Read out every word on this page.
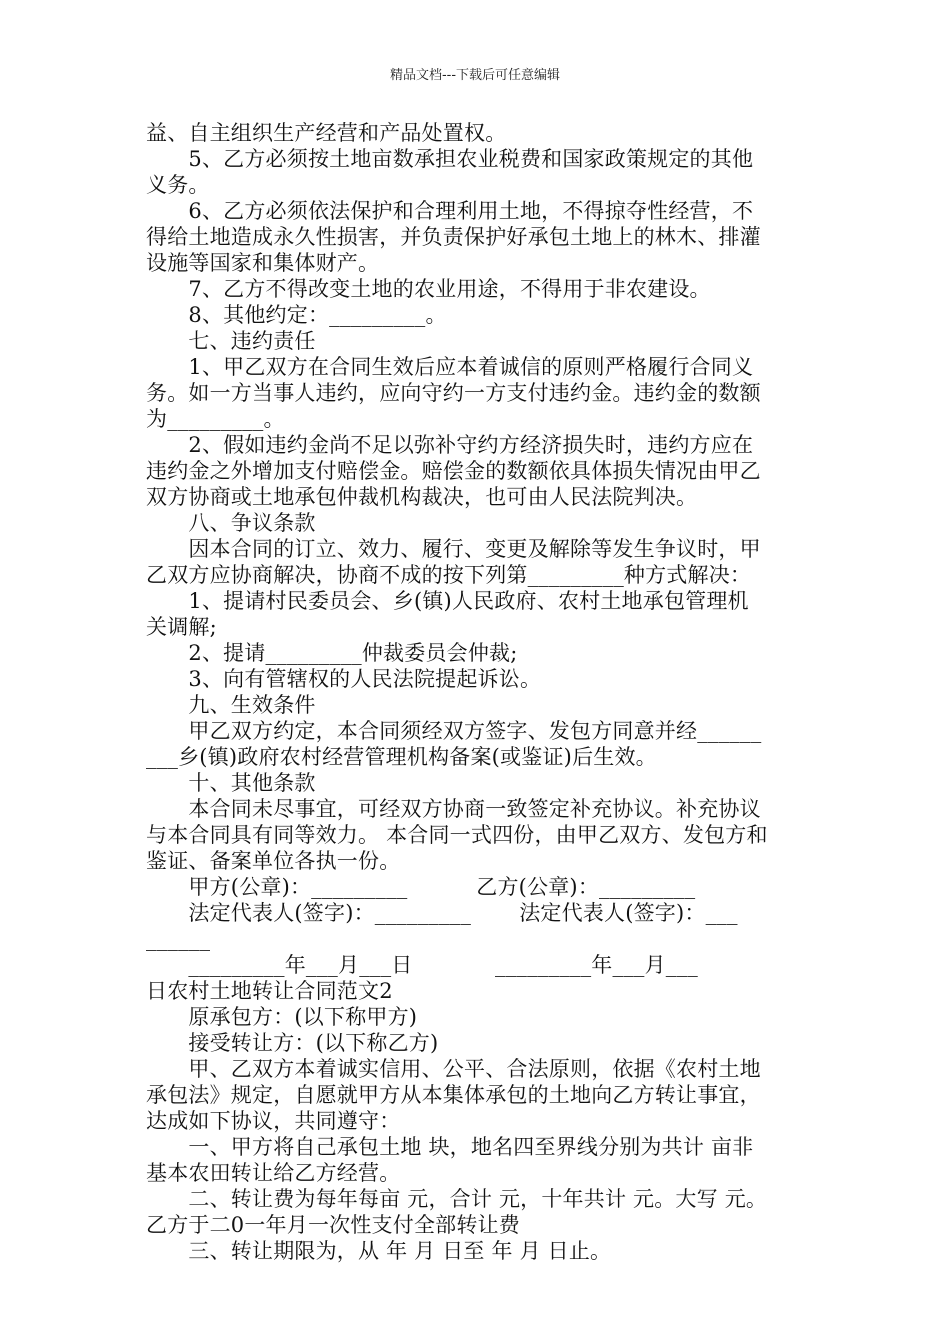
精品文档---下载后可任意编辑
益、自主组织生产经营和产品处置权。
　　5、乙方必须按土地亩数承担农业税费和国家政策规定的其他
义务。
　　6、乙方必须依法保护和合理利用土地，不得掠夺性经营，不
得给土地造成永久性损害，并负责保护好承包土地上的林木、排灌
设施等国家和集体财产。
　　7、乙方不得改变土地的农业用途，不得用于非农建设。
　　8、其他约定：_________。
　　七、违约责任
　　1、甲乙双方在合同生效后应本着诚信的原则严格履行合同义
务。如一方当事人违约，应向守约一方支付违约金。违约金的数额
为_________。
　　2、假如违约金尚不足以弥补守约方经济损失时，违约方应在
违约金之外增加支付赔偿金。赔偿金的数额依具体损失情况由甲乙
双方协商或土地承包仲裁机构裁决，也可由人民法院判决。
　　八、争议条款
　　因本合同的订立、效力、履行、变更及解除等发生争议时，甲
乙双方应协商解决，协商不成的按下列第_________种方式解决：
　　1、提请村民委员会、乡(镇)人民政府、农村土地承包管理机
关调解;
　　2、提请_________仲裁委员会仲裁;
　　3、向有管辖权的人民法院提起诉讼。
　　九、生效条件
　　甲乙双方约定，本合同须经双方签字、发包方同意并经______
___乡(镇)政府农村经营管理机构备案(或鉴证)后生效。
　　十、其他条款
　　本合同未尽事宜，可经双方协商一致签定补充协议。补充协议
与本合同具有同等效力。 本合同一式四份，由甲乙双方、发包方和
鉴证、备案单位各执一份。
　　甲方(公章)：_________          乙方(公章)：_________
　　法定代表人(签字)：_________       法定代表人(签字)：___
______
　　_________年___月___日            _________年___月___
日农村土地转让合同范文2
　　原承包方：(以下称甲方)
　　接受转让方：(以下称乙方)
　　甲、乙双方本着诚实信用、公平、合法原则，依据《农村土地
承包法》规定，自愿就甲方从本集体承包的土地向乙方转让事宜，
达成如下协议，共同遵守：
　　一、甲方将自己承包土地 块，地名四至界线分别为共计 亩非
基本农田转让给乙方经营。
　　二、转让费为每年每亩 元，合计 元，十年共计 元。大写 元。
乙方于二0一年月一次性支付全部转让费
　　三、转让期限为，从 年 月 日至 年 月 日止。
